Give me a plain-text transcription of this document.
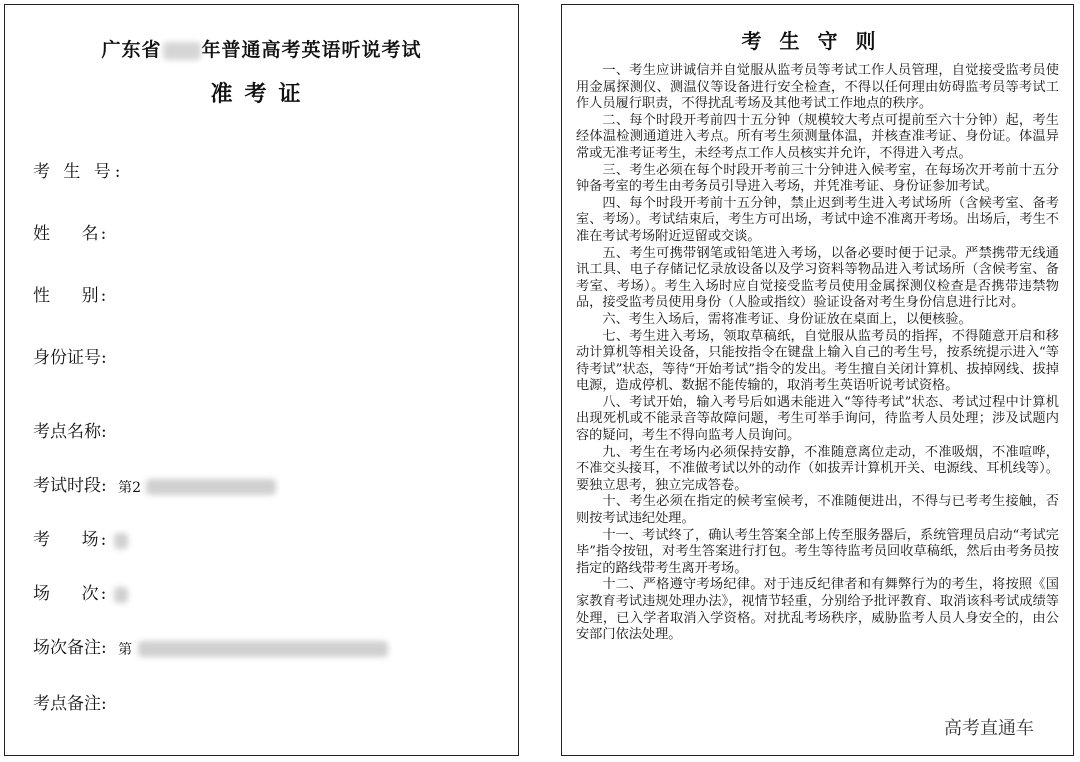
广东省 年普通高考英语听说考试
准考证
考 生 号:
姓    名:
性    别:
身份证号:
考点名称:
考试时段: 第2
考    场:
场    次:
场次备注: 第
考点备注:
考生守则

一、考生应讲诚信并自觉服从监考员等考试工作人员管理，自觉接受监考员使用金属探测仪、测温仪等设备进行安全检查，不得以任何理由妨碍监考员等考试工作人员履行职责，不得扰乱考场及其他考试工作地点的秩序。

二、每个时段开考前四十五分钟（规模较大考点可提前至六十分钟）起，考生经体温检测通道进入考点。所有考生须测量体温，并核查准考证、身份证。体温异常或无准考证考生，未经考点工作人员核实并允许，不得进入考点。

三、考生必须在每个时段开考前三十分钟进入候考室，在每场次开考前十五分钟备考室的考生由考务员引导进入考场，并凭准考证、身份证参加考试。

四、每个时段开考前十五分钟，禁止迟到考生进入考试场所（含候考室、备考室、考场）。考试结束后，考生方可出场，考试中途不准离开考场。出场后，考生不准在考试考场附近逗留或交谈。

五、考生可携带钢笔或铅笔进入考场，以备必要时便于记录。严禁携带无线通讯工具、电子存储记忆录放设备以及学习资料等物品进入考试场所（含候考室、备考室、考场）。考生入场时应自觉接受监考员使用金属探测仪检查是否携带违禁物品，接受监考员使用身份（人脸或指纹）验证设备对考生身份信息进行比对。

六、考生入场后，需将准考证、身份证放在桌面上，以便核验。

七、考生进入考场，领取草稿纸，自觉服从监考员的指挥，不得随意开启和移动计算机等相关设备，只能按指令在键盘上输入自己的考生号，按系统提示进入“等待考试”状态，等待“开始考试”指令的发出。考生擅自关闭计算机、拔掉网线、拔掉电源，造成停机、数据不能传输的，取消考生英语听说考试资格。

八、考试开始，输入考号后如遇未能进入“等待考试”状态、考试过程中计算机出现死机或不能录音等故障问题，考生可举手询问，待监考人员处理；涉及试题内容的疑问，考生不得向监考人员询问。

九、考生在考场内必须保持安静，不准随意离位走动，不准吸烟，不准喧哗，不准交头接耳，不准做考试以外的动作（如拔弄计算机开关、电源线、耳机线等）。要独立思考，独立完成答卷。

十、考生必须在指定的候考室候考，不准随便进出，不得与已考考生接触，否则按考试违纪处理。

十一、考试终了，确认考生答案全部上传至服务器后，系统管理员启动“考试完毕”指令按钮，对考生答案进行打包。考生等待监考员回收草稿纸，然后由考务员按指定的路线带考生离开考场。

十二、严格遵守考场纪律。对于违反纪律者和有舞弊行为的考生，将按照《国家教育考试违规处理办法》，视情节轻重，分别给予批评教育、取消该科考试成绩等处理，已入学者取消入学资格。对扰乱考场秩序，威胁监考人员人身安全的，由公安部门依法处理。

高考直通车
